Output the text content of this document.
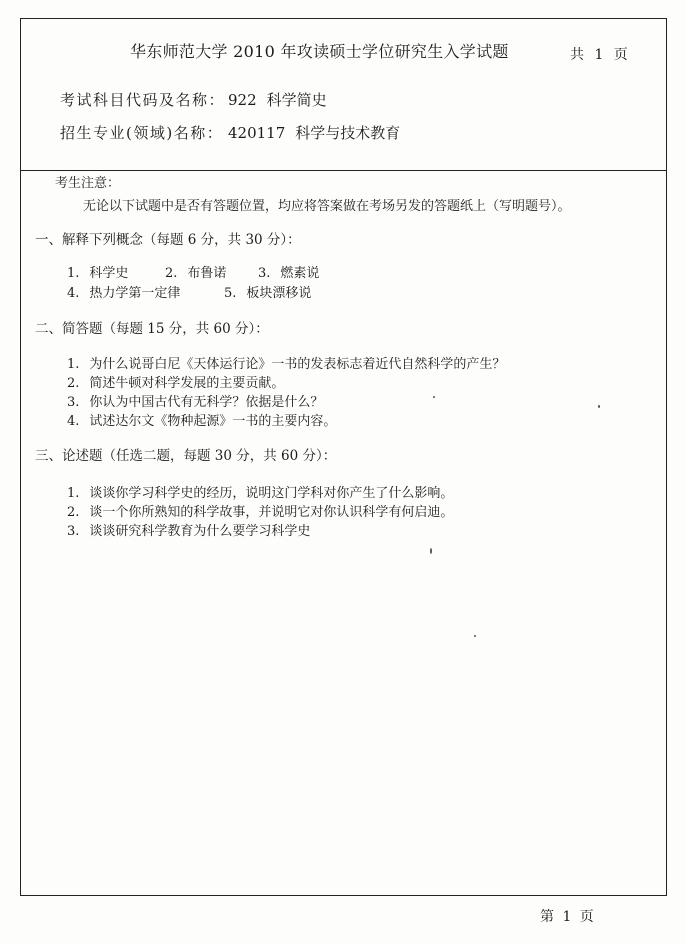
华东师范大学 2010 年攻读硕士学位研究生入学试题	共 1 页
考试科目代码及名称： 922 科学简史
招生专业(领域)名称： 420117 科学与技术教育
考生注意：
无论以下试题中是否有答题位置，均应将答案做在考场另发的答题纸上（写明题号）。
一、解释下列概念（每题 6 分，共 30 分）：
1. 科学史	2. 布鲁诺 3. 燃素说
4. 热力学第一定律	5. 板块漂移说
二、简答题（每题 15 分，共 60 分）：
1. 为什么说哥白尼《天体运行论》一书的发表标志着近代自然科学的产生？
2. 简述牛顿对科学发展的主要贡献。
3. 你认为中国古代有无科学？依据是什么？
4. 试述达尔文《物种起源》一书的主要内容。
三、论述题（任选二题，每题 30 分，共 60 分）：
1. 谈谈你学习科学史的经历，说明这门学科对你产生了什么影响。
2. 谈一个你所熟知的科学故事，并说明它对你认识科学有何启迪。
3. 谈谈研究科学教育为什么要学习科学史
第 1 页
